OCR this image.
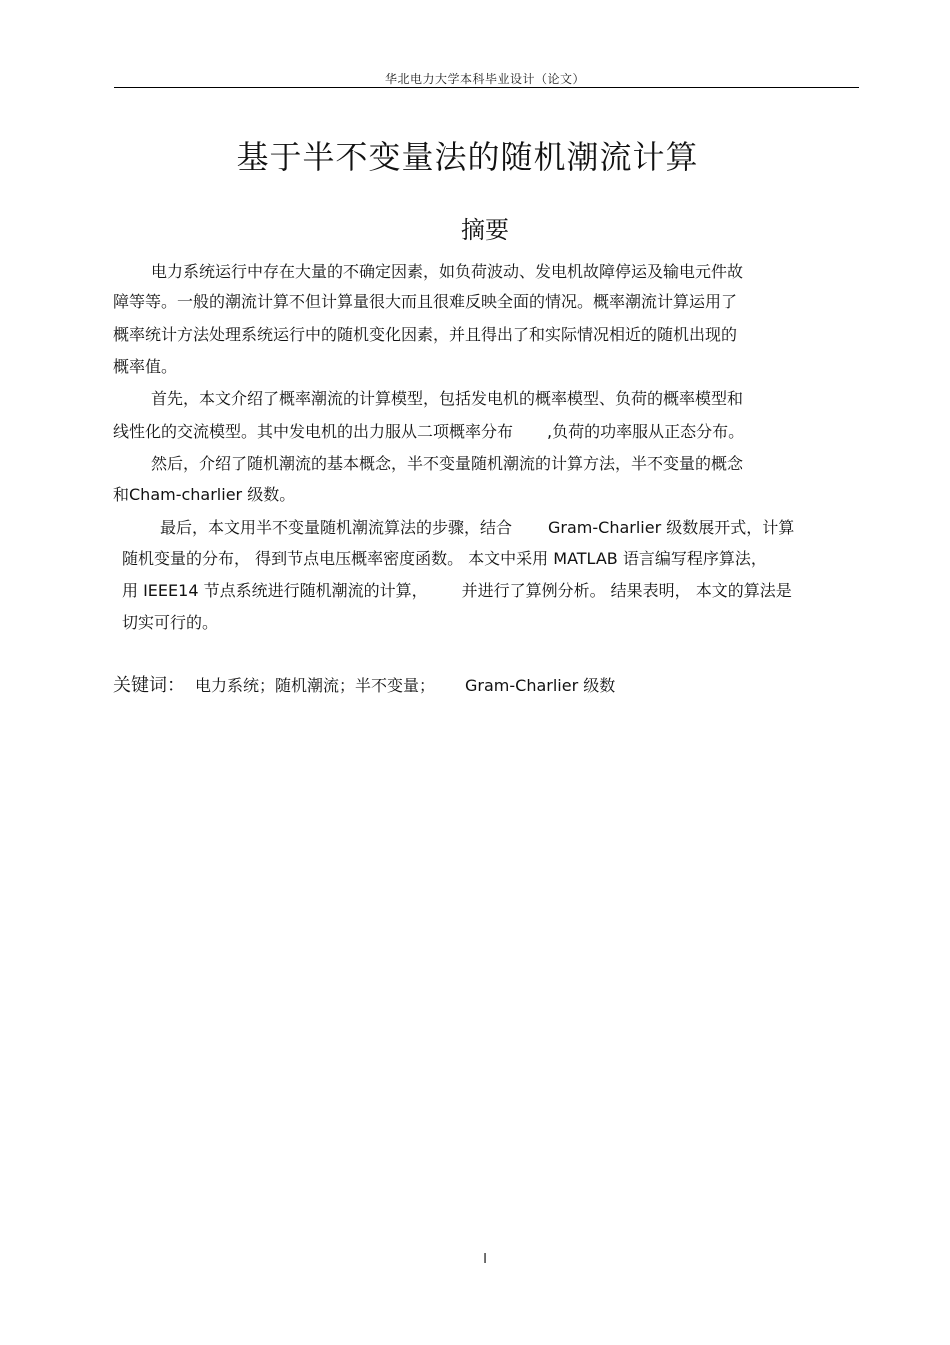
华北电力大学本科毕业设计（论文）
基于半不变量法的随机潮流计算
摘要
电力系统运行中存在大量的不确定因素，如负荷波动、发电机故障停运及输电元件故
障等等。一般的潮流计算不但计算量很大而且很难反映全面的情况。概率潮流计算运用了
概率统计方法处理系统运行中的随机变化因素，并且得出了和实际情况相近的随机出现的
概率值。
首先，本文介绍了概率潮流的计算模型，包括发电机的概率模型、负荷的概率模型和
线性化的交流模型。其中发电机的出力服从二项概率分布 ,负荷的功率服从正态分布。
然后，介绍了随机潮流的基本概念，半不变量随机潮流的计算方法，半不变量的概念
和Cham-charlier 级数。
最后，本文用半不变量随机潮流算法的步骤，结合 Gram-Charlier 级数展开式，计算
随机变量的分布， 得到节点电压概率密度函数。 本文中采用 MATLAB 语言编写程序算法，
用 IEEE14 节点系统进行随机潮流的计算， 并进行了算例分析。 结果表明， 本文的算法是
切实可行的。
关键词： 电力系统；随机潮流；半不变量； Gram-Charlier 级数
I
